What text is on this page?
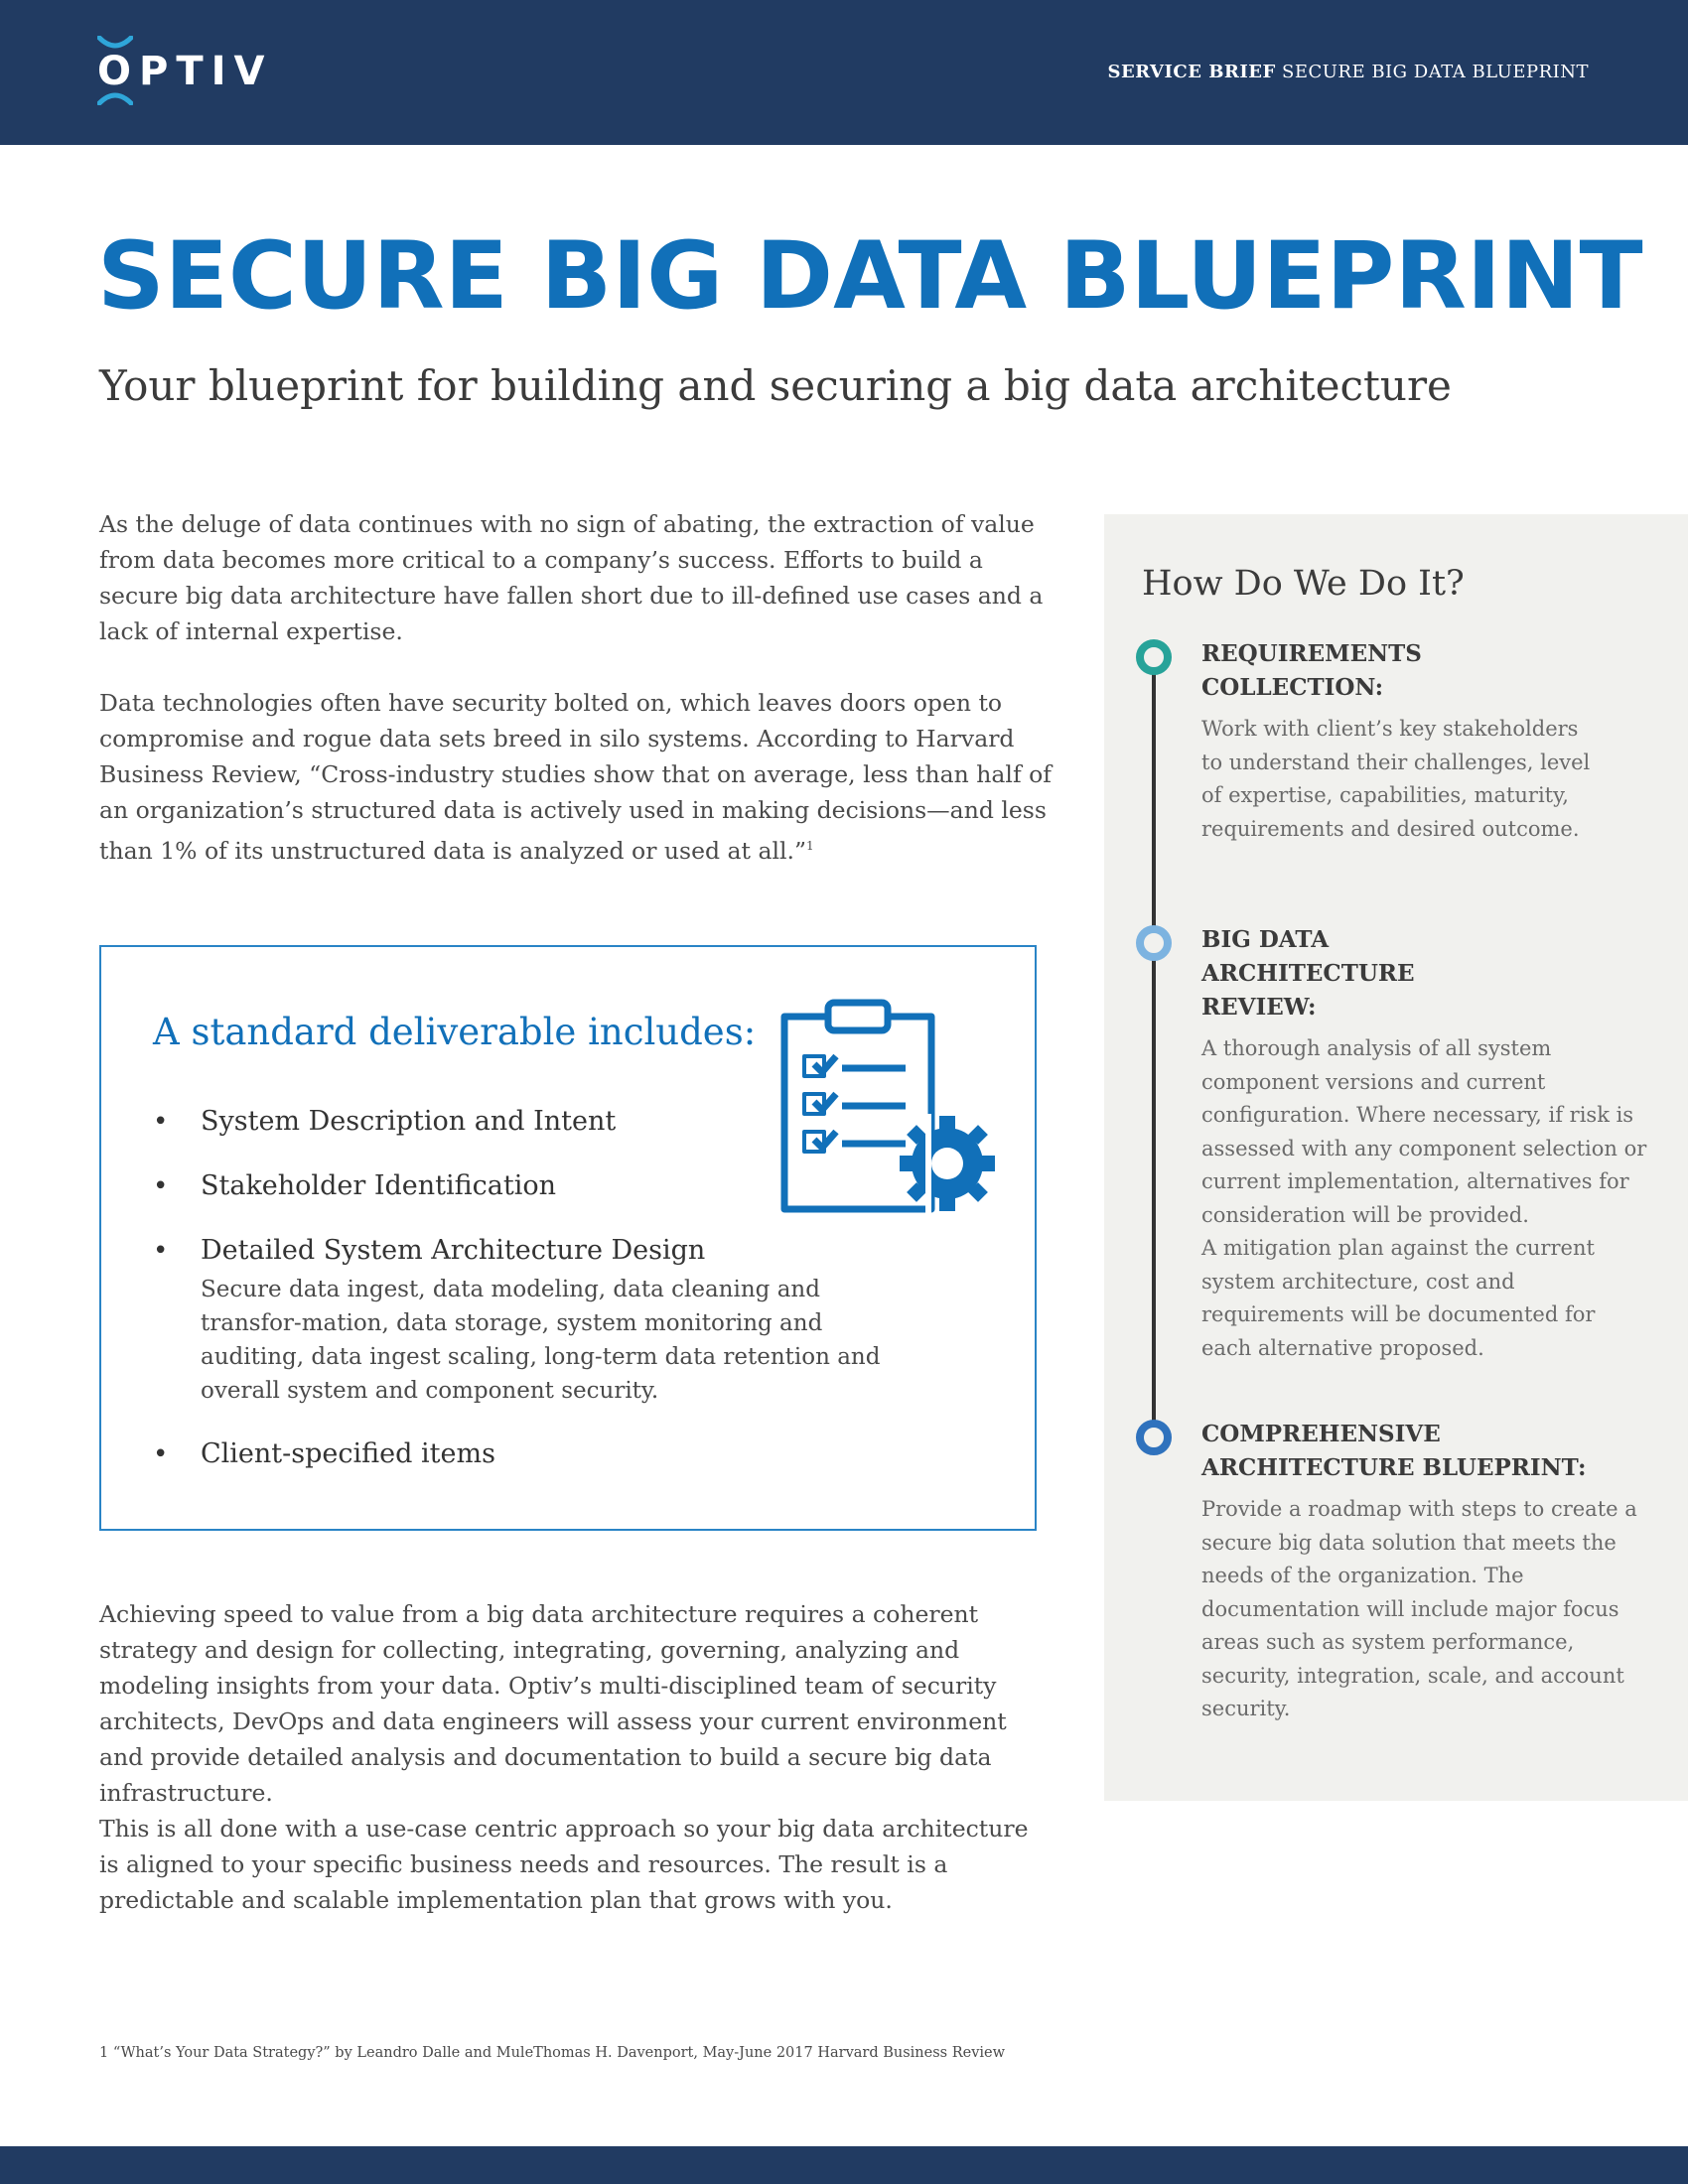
OPTIV	SERVICE BRIEF SECURE BIG DATA BLUEPRINT
SECURE BIG DATA BLUEPRINT
Your blueprint for building and securing a big data architecture

As the deluge of data continues with no sign of abating, the extraction of value from data becomes more critical to a company’s success. Efforts to build a secure big data architecture have fallen short due to ill-defined use cases and a lack of internal expertise.

Data technologies often have security bolted on, which leaves doors open to compromise and rogue data sets breed in silo systems. According to Harvard Business Review, “Cross-industry studies show that on average, less than half of an organization’s structured data is actively used in making decisions—and less than 1% of its unstructured data is analyzed or used at all.”$^1$

A standard deliverable includes:
• System Description and Intent
• Stakeholder Identification
• Detailed System Architecture Design
Secure data ingest, data modeling, data cleaning and transfor-mation, data storage, system monitoring and auditing, data ingest scaling, long-term data retention and overall system and component security.
• Client-specified items

Achieving speed to value from a big data architecture requires a coherent strategy and design for collecting, integrating, governing, analyzing and modeling insights from your data. Optiv’s multi-disciplined team of security architects, DevOps and data engineers will assess your current environment and provide detailed analysis and documentation to build a secure big data infrastructure.

This is all done with a use-case centric approach so your big data architecture is aligned to your specific business needs and resources. The result is a predictable and scalable implementation plan that grows with you.

How Do We Do It?

REQUIREMENTS COLLECTION:

Work with client’s key stakeholders to understand their challenges, level of expertise, capabilities, maturity, requirements and desired outcome.

BIG DATA ARCHITECTURE REVIEW:

A thorough analysis of all system component versions and current configuration. Where necessary, if risk is assessed with any component selection or current implementation, alternatives for consideration will be provided.

A mitigation plan against the current system architecture, cost and requirements will be documented for each alternative proposed.

COMPREHENSIVE ARCHITECTURE BLUEPRINT:

Provide a roadmap with steps to create a secure big data solution that meets the needs of the organization. The documentation will include major focus areas such as system performance, security, integration, scale, and account security.

1 “What’s Your Data Strategy?” by Leandro Dalle and MuleThomas H. Davenport, May-June 2017 Harvard Business Review
